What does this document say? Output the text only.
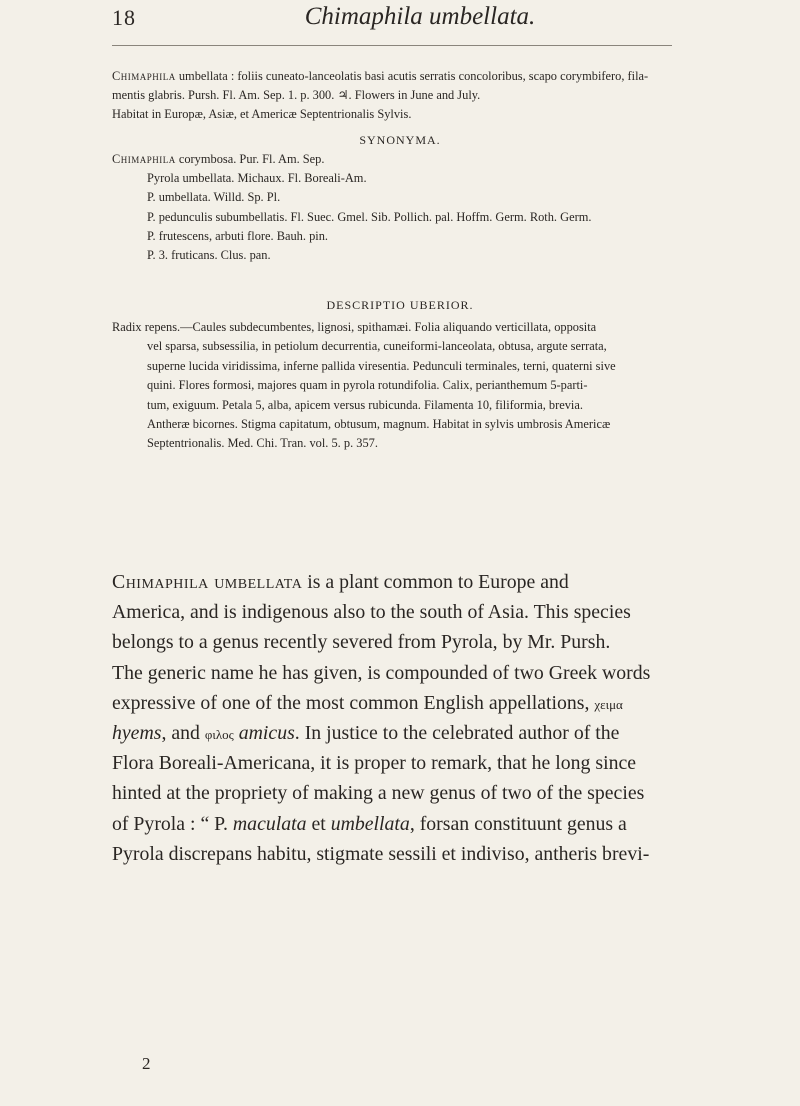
18	Chimaphila umbellata.
Chimaphila umbellata : foliis cuneato-lanceolatis basi acutis serratis concoloribus, scapo corymbifero, fila-
mentis glabris. Pursh. Fl. Am. Sep. 1. p. 300. ♃. Flowers in June and July.
Habitat in Europæ, Asiæ, et Americæ Septentrionalis Sylvis.

SYNONYMA.

Chimaphila corymbosa. Pur. Fl. Am. Sep.
Pyrola umbellata. Michaux. Fl. Boreali-Am.
P. umbellata. Willd. Sp. Pl.
P. pedunculis subumbellatis. Fl. Suec. Gmel. Sib. Pollich. pal. Hoffm. Germ. Roth. Germ.
P. frutescens, arbuti flore. Bauh. pin.
P. 3. fruticans. Clus. pan.

DESCRIPTIO UBERIOR.

Radix repens.—Caules subdecumbentes, lignosi, spithamæi. Folia aliquando verticillata, opposita
vel sparsa, subsessilia, in petiolum decurrentia, cuneiformi-lanceolata, obtusa, argute serrata,
superne lucida viridissima, inferne pallida viresentia. Pedunculi terminales, terni, quaterni sive
quini. Flores formosi, majores quam in pyrola rotundifolia. Calix, perianthemum 5-parti-
tum, exiguum. Petala 5, alba, apicem versus rubicunda. Filamenta 10, filiformia, brevia.
Antheræ bicornes. Stigma capitatum, obtusum, magnum. Habitat in sylvis umbrosis Americæ
Septentrionalis. Med. Chi. Tran. vol. 5. p. 357.
Chimaphila umbellata is a plant common to Europe and
America, and is indigenous also to the south of Asia. This species
belongs to a genus recently severed from Pyrola, by Mr. Pursh.
The generic name he has given, is compounded of two Greek words
expressive of one of the most common English appellations, χειμα
hyems, and φιλος amicus. In justice to the celebrated author of the
Flora Boreali-Americana, it is proper to remark, that he long since
hinted at the propriety of making a new genus of two of the species
of Pyrola : “ P. maculata et umbellata, forsan constituunt genus a
Pyrola discrepans habitu, stigmate sessili et indiviso, antheris brevi-
2
